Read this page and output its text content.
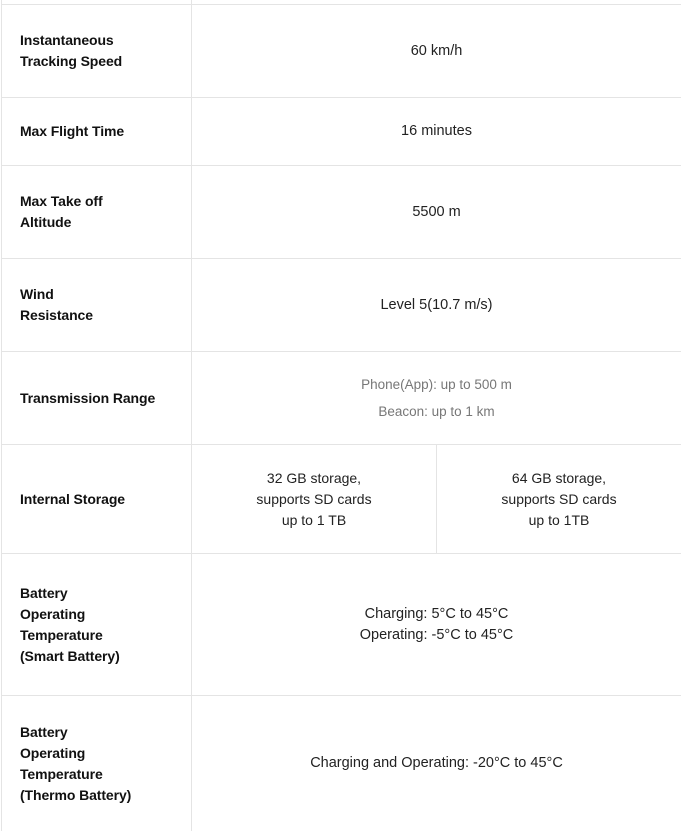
Instantaneous
Tracking Speed
60 km/h
Max Flight Time	16 minutes
Max Take off
Altitude
5500 m
Wind
Resistance
Level 5(10.7 m/s)
Transmission Range
Phone(App): up to 500 m
Beacon: up to 1 km
Internal Storage
32 GB storage,
supports SD cards
up to 1 TB
64 GB storage,
supports SD cards
up to 1TB
Battery
Operating
Temperature
(Smart Battery)
Charging: 5°C to 45°C
Operating: -5°C to 45°C
Battery
Operating
Temperature
(Thermo Battery)
Charging and Operating: -20°C to 45°C
